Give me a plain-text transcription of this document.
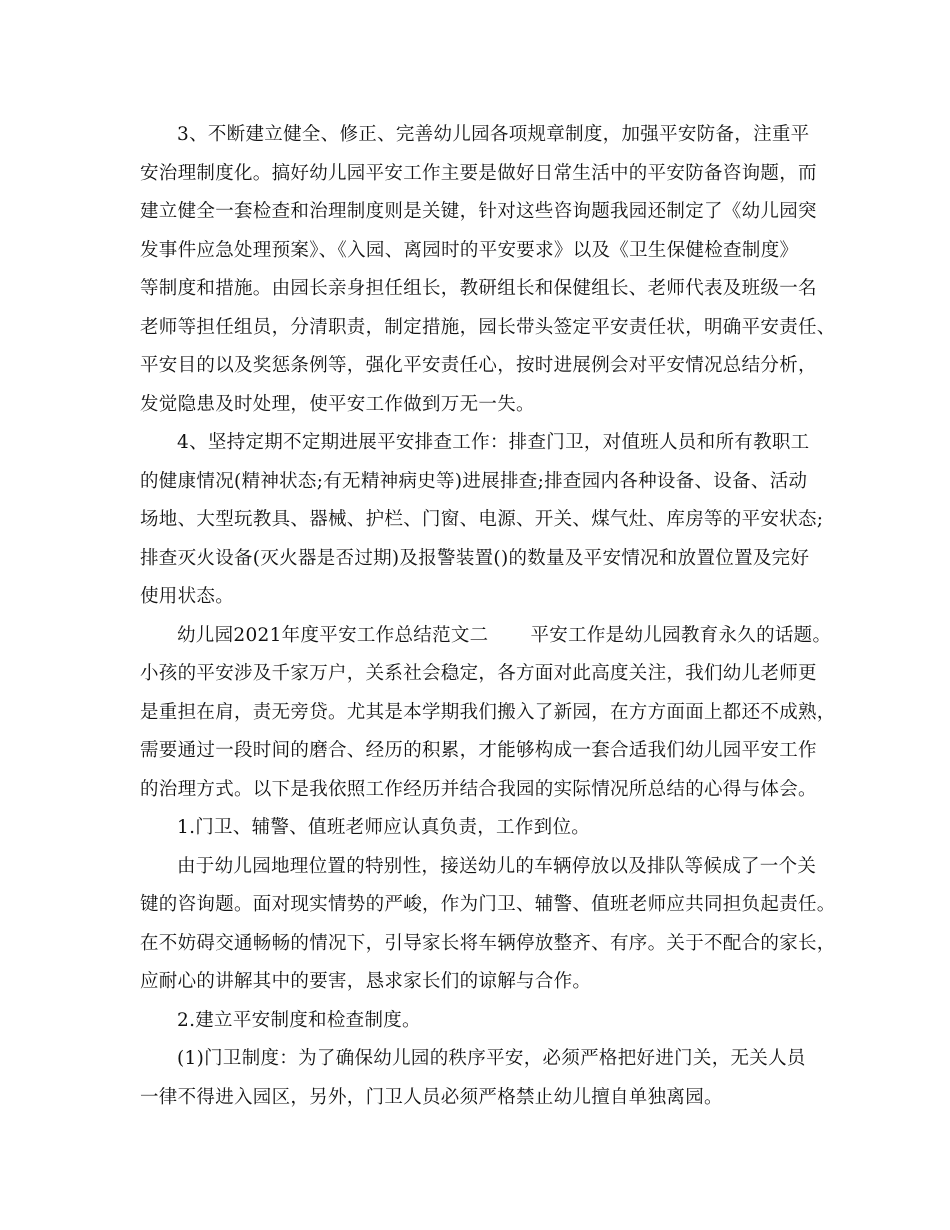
3、不断建立健全、修正、完善幼儿园各项规章制度，加强平安防备，注重平
安治理制度化。搞好幼儿园平安工作主要是做好日常生活中的平安防备咨询题，而
建立健全一套检查和治理制度则是关键，针对这些咨询题我园还制定了《幼儿园突
发事件应急处理预案》、《入园、离园时的平安要求》以及《卫生保健检查制度》
等制度和措施。由园长亲身担任组长，教研组长和保健组长、老师代表及班级一名
老师等担任组员，分清职责，制定措施，园长带头签定平安责任状，明确平安责任、
平安目的以及奖惩条例等，强化平安责任心，按时进展例会对平安情况总结分析，
发觉隐患及时处理，使平安工作做到万无一失。
4、坚持定期不定期进展平安排查工作：排查门卫，对值班人员和所有教职工
的健康情况(精神状态;有无精神病史等)进展排查;排查园内各种设备、设备、活动
场地、大型玩教具、器械、护栏、门窗、电源、开关、煤气灶、库房等的平安状态;
排查灭火设备(灭火器是否过期)及报警装置()的数量及平安情况和放置位置及完好
使用状态。
幼儿园2021年度平安工作总结范文二 平安工作是幼儿园教育永久的话题。
小孩的平安涉及千家万户，关系社会稳定，各方面对此高度关注，我们幼儿老师更
是重担在肩，责无旁贷。尤其是本学期我们搬入了新园，在方方面面上都还不成熟，
需要通过一段时间的磨合、经历的积累，才能够构成一套合适我们幼儿园平安工作
的治理方式。以下是我依照工作经历并结合我园的实际情况所总结的心得与体会。
1.门卫、辅警、值班老师应认真负责，工作到位。
由于幼儿园地理位置的特别性，接送幼儿的车辆停放以及排队等候成了一个关
键的咨询题。面对现实情势的严峻，作为门卫、辅警、值班老师应共同担负起责任。
在不妨碍交通畅畅的情况下，引导家长将车辆停放整齐、有序。关于不配合的家长，
应耐心的讲解其中的要害，恳求家长们的谅解与合作。
2.建立平安制度和检查制度。
(1)门卫制度：为了确保幼儿园的秩序平安，必须严格把好进门关，无关人员
一律不得进入园区，另外，门卫人员必须严格禁止幼儿擅自单独离园。
